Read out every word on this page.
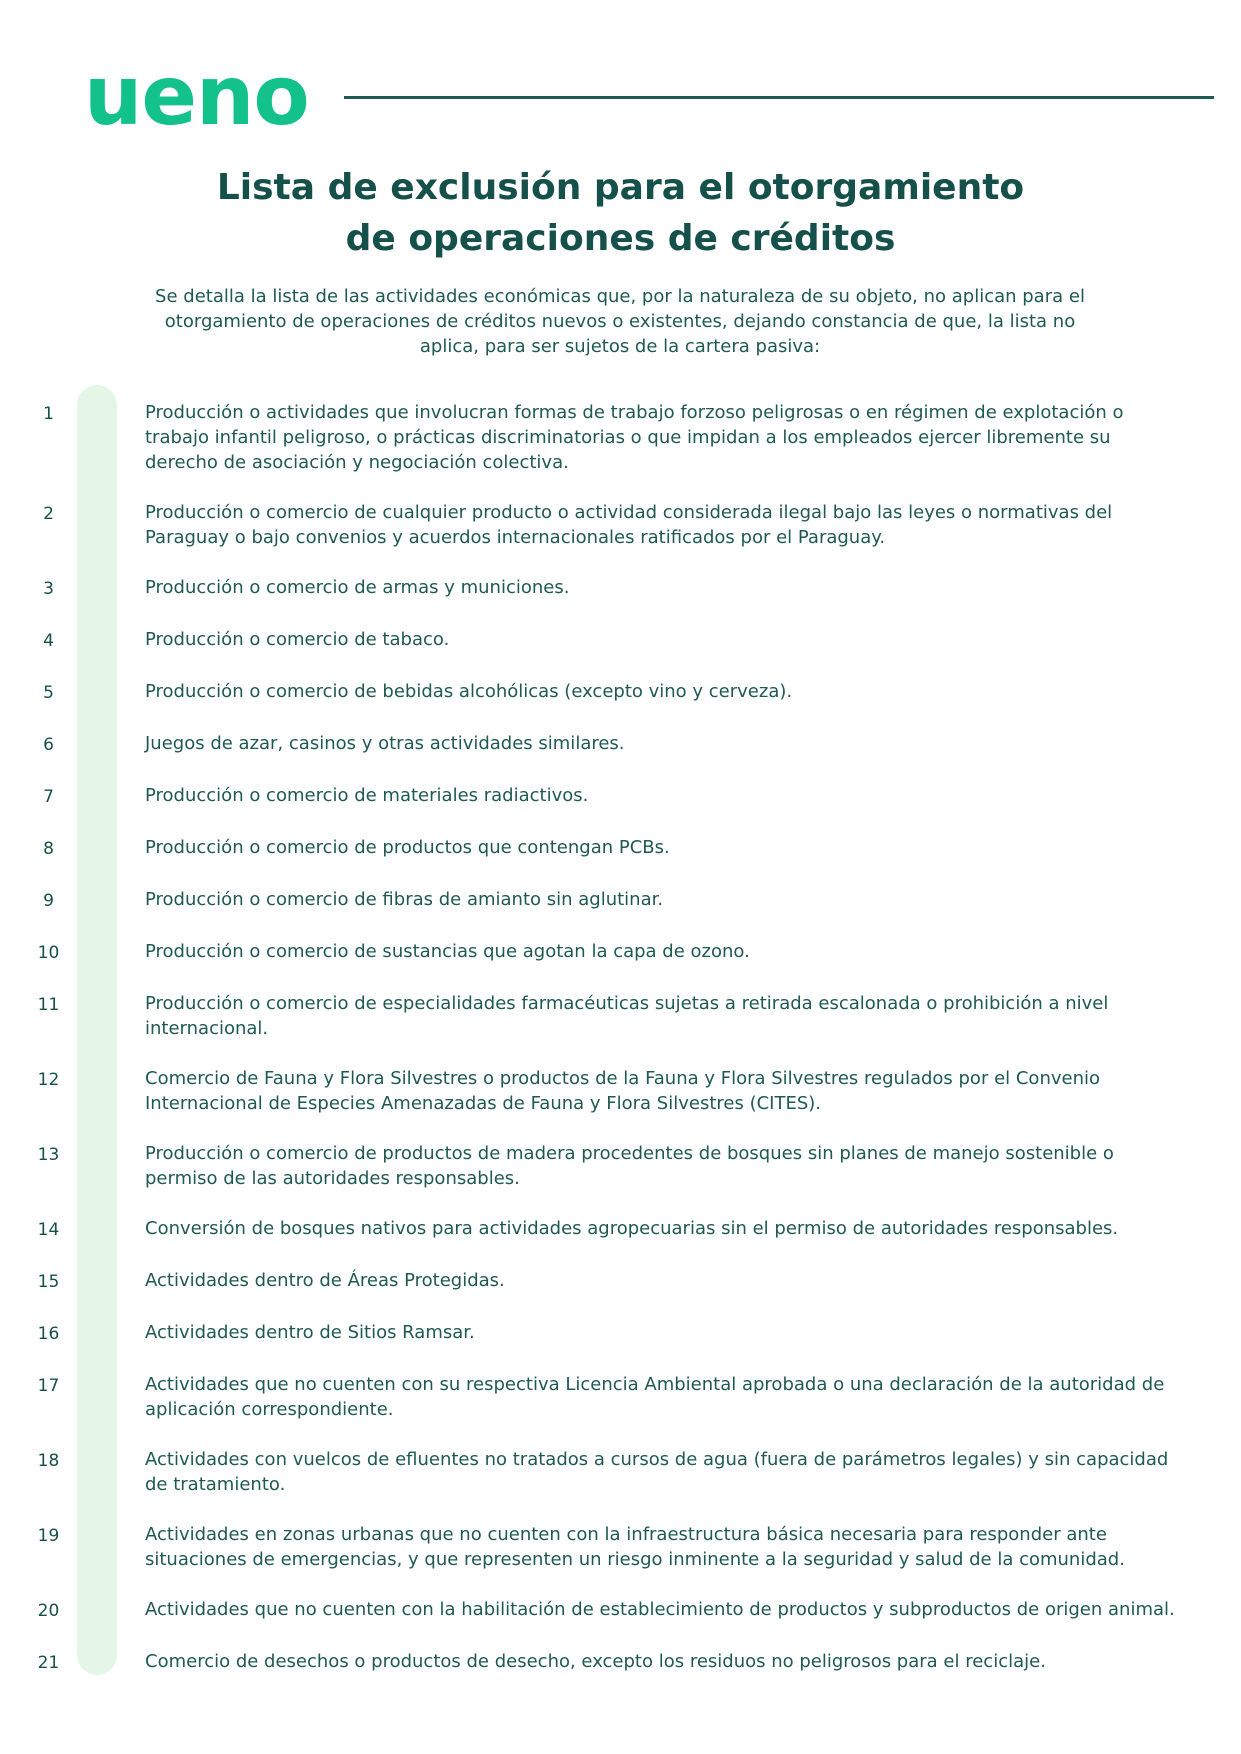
ueno
Lista de exclusión para el otorgamiento
de operaciones de créditos

Se detalla la lista de las actividades económicas que, por la naturaleza de su objeto, no aplican para el otorgamiento de operaciones de créditos nuevos o existentes, dejando constancia de que, la lista no aplica, para ser sujetos de la cartera pasiva:

1	Producción o actividades que involucran formas de trabajo forzoso peligrosas o en régimen de explotación o trabajo infantil peligroso, o prácticas discriminatorias o que impidan a los empleados ejercer libremente su derecho de asociación y negociación colectiva.
2	Producción o comercio de cualquier producto o actividad considerada ilegal bajo las leyes o normativas del Paraguay o bajo convenios y acuerdos internacionales ratificados por el Paraguay.
3	Producción o comercio de armas y municiones.
4	Producción o comercio de tabaco.
5	Producción o comercio de bebidas alcohólicas (excepto vino y cerveza).
6	Juegos de azar, casinos y otras actividades similares.
7	Producción o comercio de materiales radiactivos.
8	Producción o comercio de productos que contengan PCBs.
9	Producción o comercio de fibras de amianto sin aglutinar.
10	Producción o comercio de sustancias que agotan la capa de ozono.
11	Producción o comercio de especialidades farmacéuticas sujetas a retirada escalonada o prohibición a nivel internacional.
12	Comercio de Fauna y Flora Silvestres o productos de la Fauna y Flora Silvestres regulados por el Convenio Internacional de Especies Amenazadas de Fauna y Flora Silvestres (CITES).
13	Producción o comercio de productos de madera procedentes de bosques sin planes de manejo sostenible o permiso de las autoridades responsables.
14	Conversión de bosques nativos para actividades agropecuarias sin el permiso de autoridades responsables.
15	Actividades dentro de Áreas Protegidas.
16	Actividades dentro de Sitios Ramsar.
17	Actividades que no cuenten con su respectiva Licencia Ambiental aprobada o una declaración de la autoridad de aplicación correspondiente.
18	Actividades con vuelcos de efluentes no tratados a cursos de agua (fuera de parámetros legales) y sin capacidad de tratamiento.
19	Actividades en zonas urbanas que no cuenten con la infraestructura básica necesaria para responder ante situaciones de emergencias, y que representen un riesgo inminente a la seguridad y salud de la comunidad.
20	Actividades que no cuenten con la habilitación de establecimiento de productos y subproductos de origen animal.
21	Comercio de desechos o productos de desecho, excepto los residuos no peligrosos para el reciclaje.
